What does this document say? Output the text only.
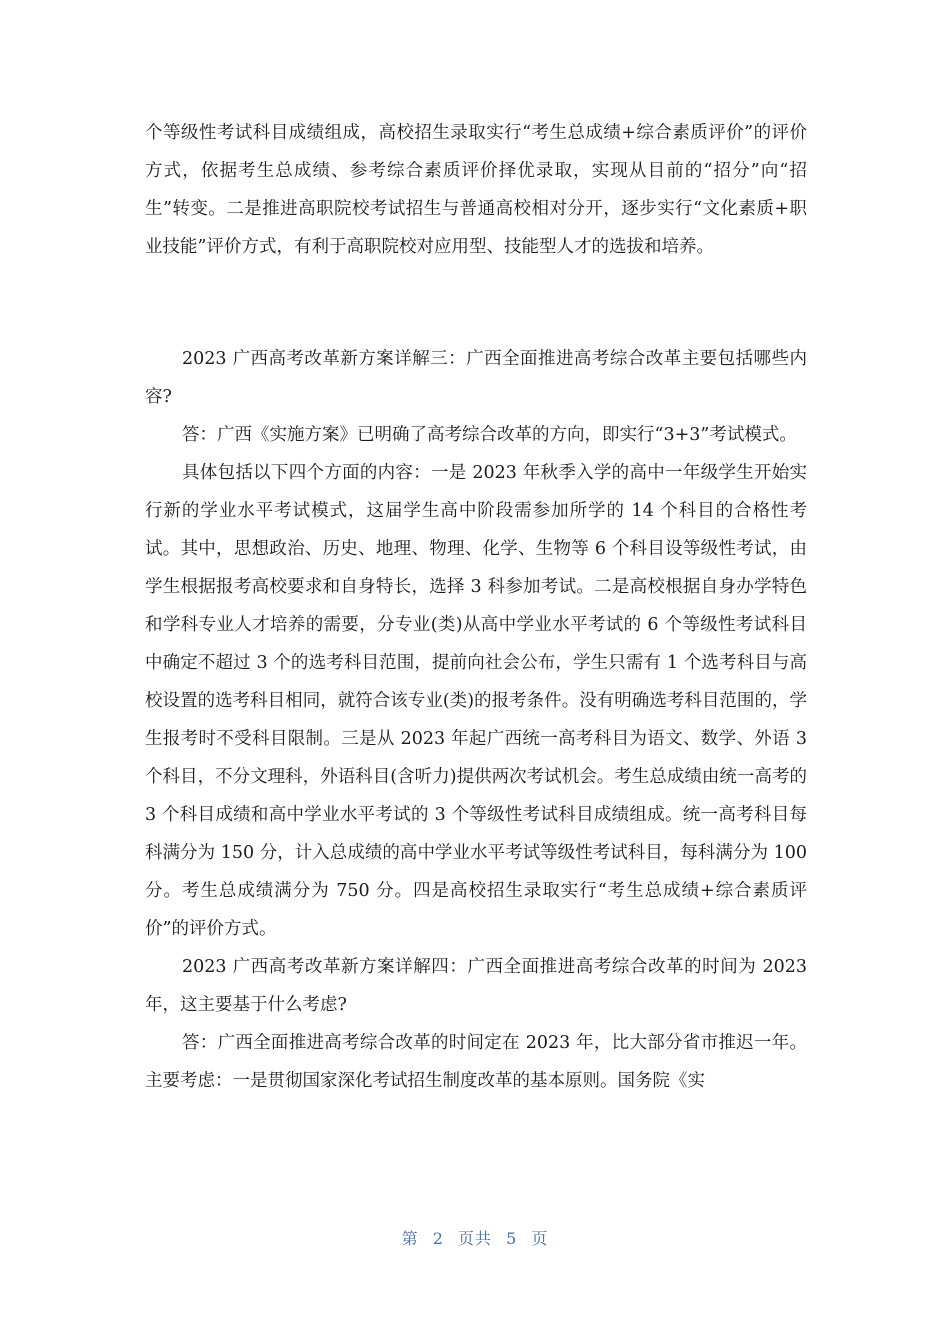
个等级性考试科目成绩组成，高校招生录取实行“考生总成绩+综合素质评价”的评价方式，依据考生总成绩、参考综合素质评价择优录取，实现从目前的“招分”向“招生”转变。二是推进高职院校考试招生与普通高校相对分开，逐步实行“文化素质+职业技能”评价方式，有利于高职院校对应用型、技能型人才的选拔和培养。

2023 广西高考改革新方案详解三：广西全面推进高考综合改革主要包括哪些内容?

答：广西《实施方案》已明确了高考综合改革的方向，即实行“3+3”考试模式。

具体包括以下四个方面的内容：一是 2023 年秋季入学的高中一年级学生开始实行新的学业水平考试模式，这届学生高中阶段需参加所学的 14 个科目的合格性考试。其中，思想政治、历史、地理、物理、化学、生物等 6 个科目设等级性考试，由学生根据报考高校要求和自身特长，选择 3 科参加考试。二是高校根据自身办学特色和学科专业人才培养的需要，分专业(类)从高中学业水平考试的 6 个等级性考试科目中确定不超过 3 个的选考科目范围，提前向社会公布，学生只需有 1 个选考科目与高校设置的选考科目相同，就符合该专业(类)的报考条件。没有明确选考科目范围的，学生报考时不受科目限制。三是从 2023 年起广西统一高考科目为语文、数学、外语 3 个科目，不分文理科，外语科目(含听力)提供两次考试机会。考生总成绩由统一高考的 3 个科目成绩和高中学业水平考试的 3 个等级性考试科目成绩组成。统一高考科目每科满分为 150 分，计入总成绩的高中学业水平考试等级性考试科目，每科满分为 100 分。考生总成绩满分为 750 分。四是高校招生录取实行“考生总成绩+综合素质评价”的评价方式。

2023 广西高考改革新方案详解四：广西全面推进高考综合改革的时间为 2023 年，这主要基于什么考虑?

答：广西全面推进高考综合改革的时间定在 2023 年，比大部分省市推迟一年。主要考虑：一是贯彻国家深化考试招生制度改革的基本原则。国务院《实

第 2 页共 5 页
